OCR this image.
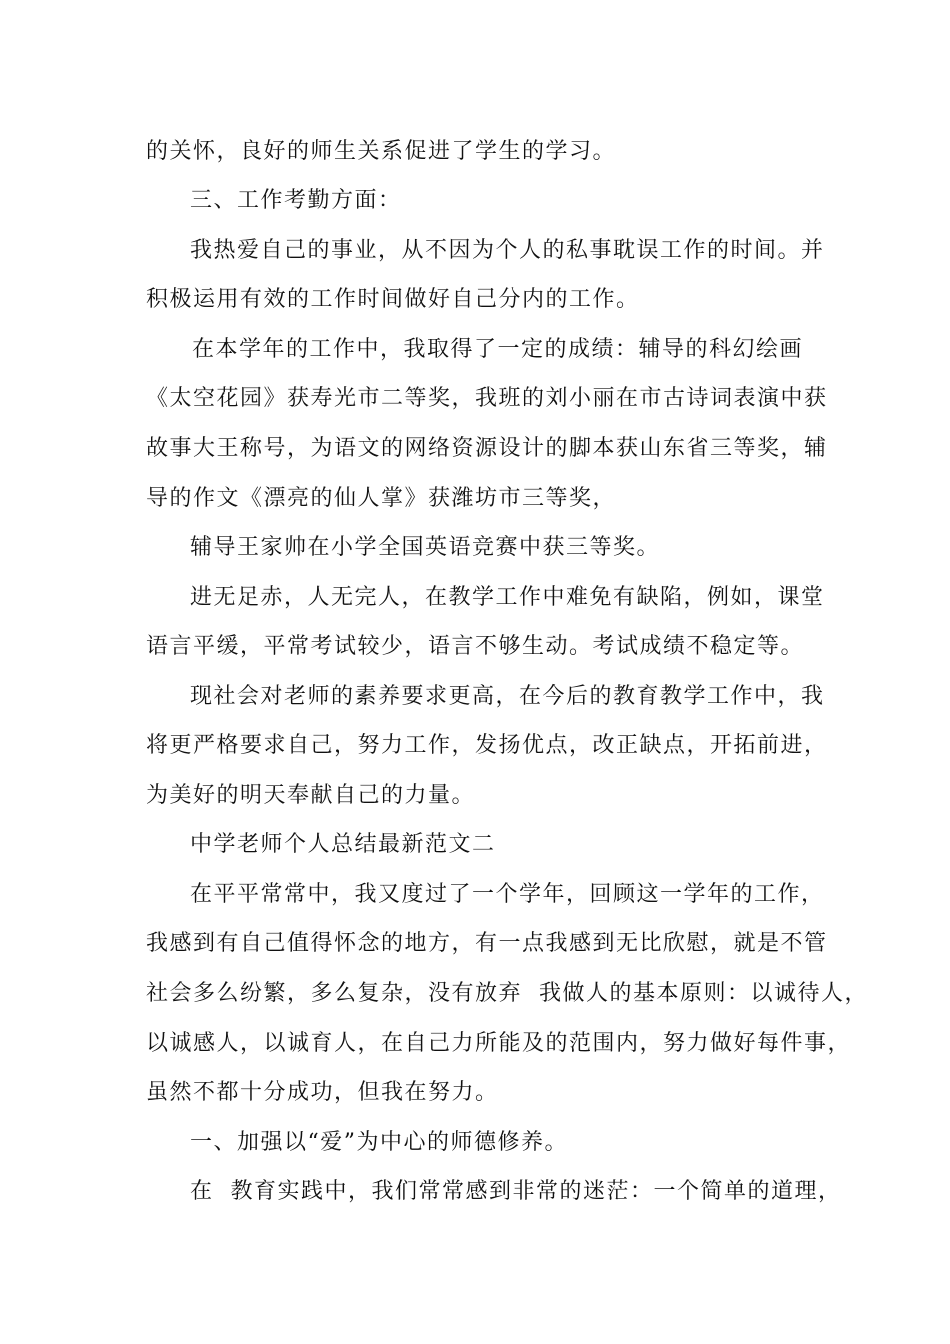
的关怀，良好的师生关系促进了学生的学习。
三、工作考勤方面：
我热爱自己的事业，从不因为个人的私事耽误工作的时间。并
积极运用有效的工作时间做好自己分内的工作。
在本学年的工作中，我取得了一定的成绩：辅导的科幻绘画
《太空花园》获寿光市二等奖，我班的刘小丽在市古诗词表演中获
故事大王称号，为语文的网络资源设计的脚本获山东省三等奖，辅
导的作文《漂亮的仙人掌》获潍坊市三等奖，
辅导王家帅在小学全国英语竞赛中获三等奖。
进无足赤，人无完人，在教学工作中难免有缺陷，例如，课堂
语言平缓，平常考试较少，语言不够生动。考试成绩不稳定等。
现社会对老师的素养要求更高，在今后的教育教学工作中，我
将更严格要求自己，努力工作，发扬优点，改正缺点，开拓前进，
为美好的明天奉献自己的力量。
中学老师个人总结最新范文二
在平平常常中，我又度过了一个学年，回顾这一学年的工作，
我感到有自己值得怀念的地方，有一点我感到无比欣慰，就是不管
社会多么纷繁，多么复杂，没有放弃  我做人的基本原则：以诚待人，
以诚感人，以诚育人，在自己力所能及的范围内，努力做好每件事，
虽然不都十分成功，但我在努力。
一、加强以“爱”为中心的师德修养。
在  教育实践中，我们常常感到非常的迷茫：一个简单的道理，
